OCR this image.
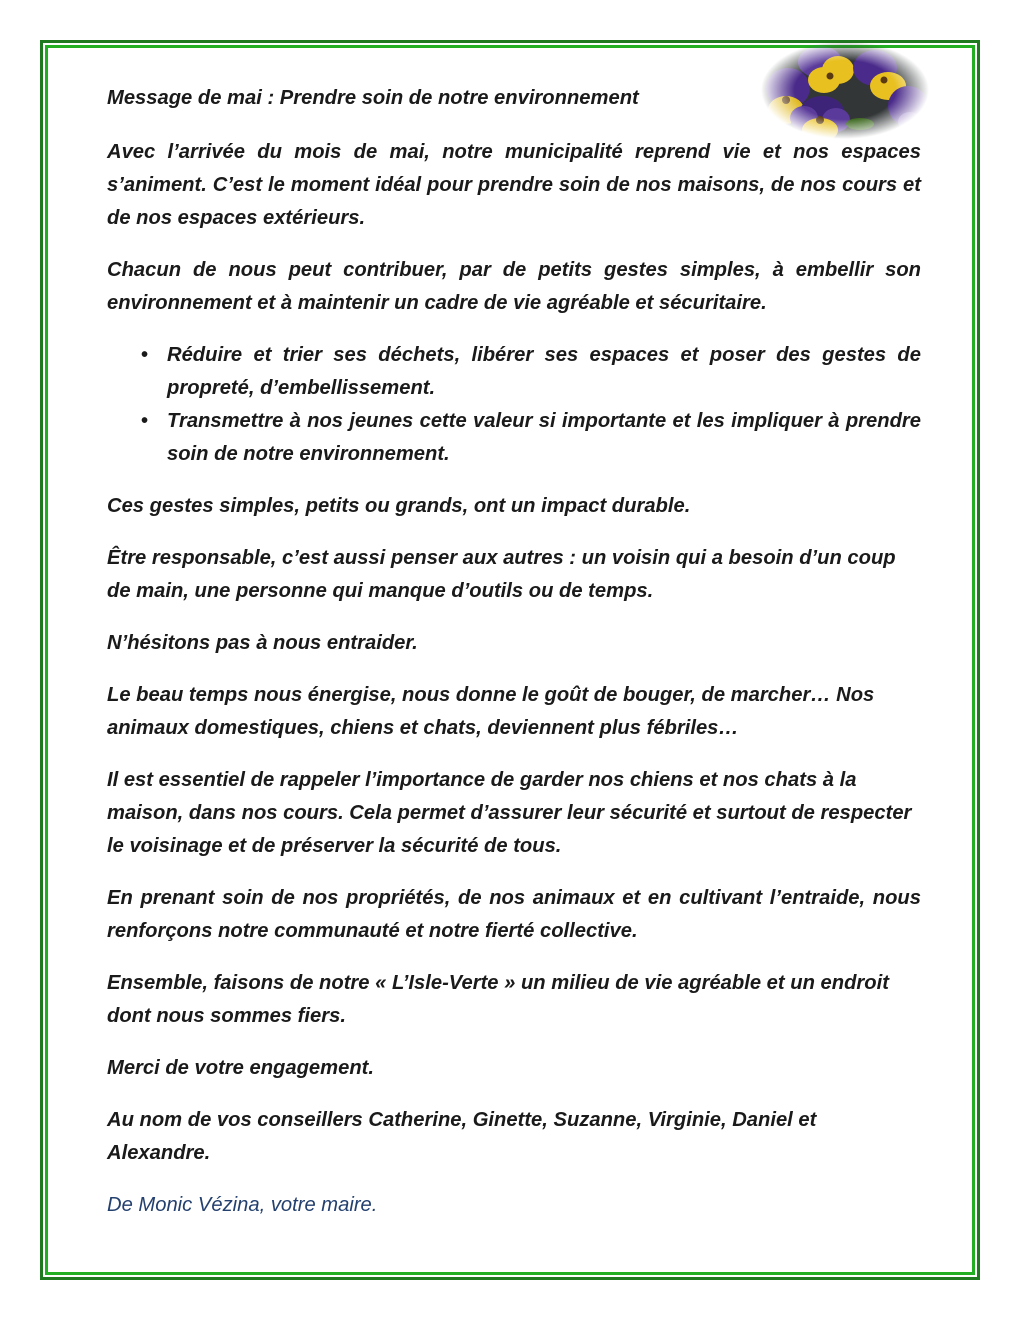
Message de mai : Prendre soin de notre environnement

Avec l’arrivée du mois de mai, notre municipalité reprend vie et nos espaces s’animent. C’est le moment idéal pour prendre soin de nos maisons, de nos cours et de nos espaces extérieurs.

Chacun de nous peut contribuer, par de petits gestes simples, à embellir son environnement et à maintenir un cadre de vie agréable et sécuritaire.

• Réduire et trier ses déchets, libérer ses espaces et poser des gestes de propreté, d’embellissement.
• Transmettre à nos jeunes cette valeur si importante et les impliquer à prendre soin de notre environnement.

Ces gestes simples, petits ou grands, ont un impact durable.

Être responsable, c’est aussi penser aux autres : un voisin qui a besoin d’un coup de main, une personne qui manque d’outils ou de temps.

N’hésitons pas à nous entraider.

Le beau temps nous énergise, nous donne le goût de bouger, de marcher… Nos animaux domestiques, chiens et chats, deviennent plus fébriles…

Il est essentiel de rappeler l’importance de garder nos chiens et nos chats à la maison, dans nos cours. Cela permet d’assurer leur sécurité et surtout de respecter le voisinage et de préserver la sécurité de tous.

En prenant soin de nos propriétés, de nos animaux et en cultivant l’entraide, nous renforçons notre communauté et notre fierté collective.

Ensemble, faisons de notre « L’Isle-Verte » un milieu de vie agréable et un endroit dont nous sommes fiers.

Merci de votre engagement.

Au nom de vos conseillers Catherine, Ginette, Suzanne, Virginie, Daniel et Alexandre.

De Monic Vézina, votre maire.
